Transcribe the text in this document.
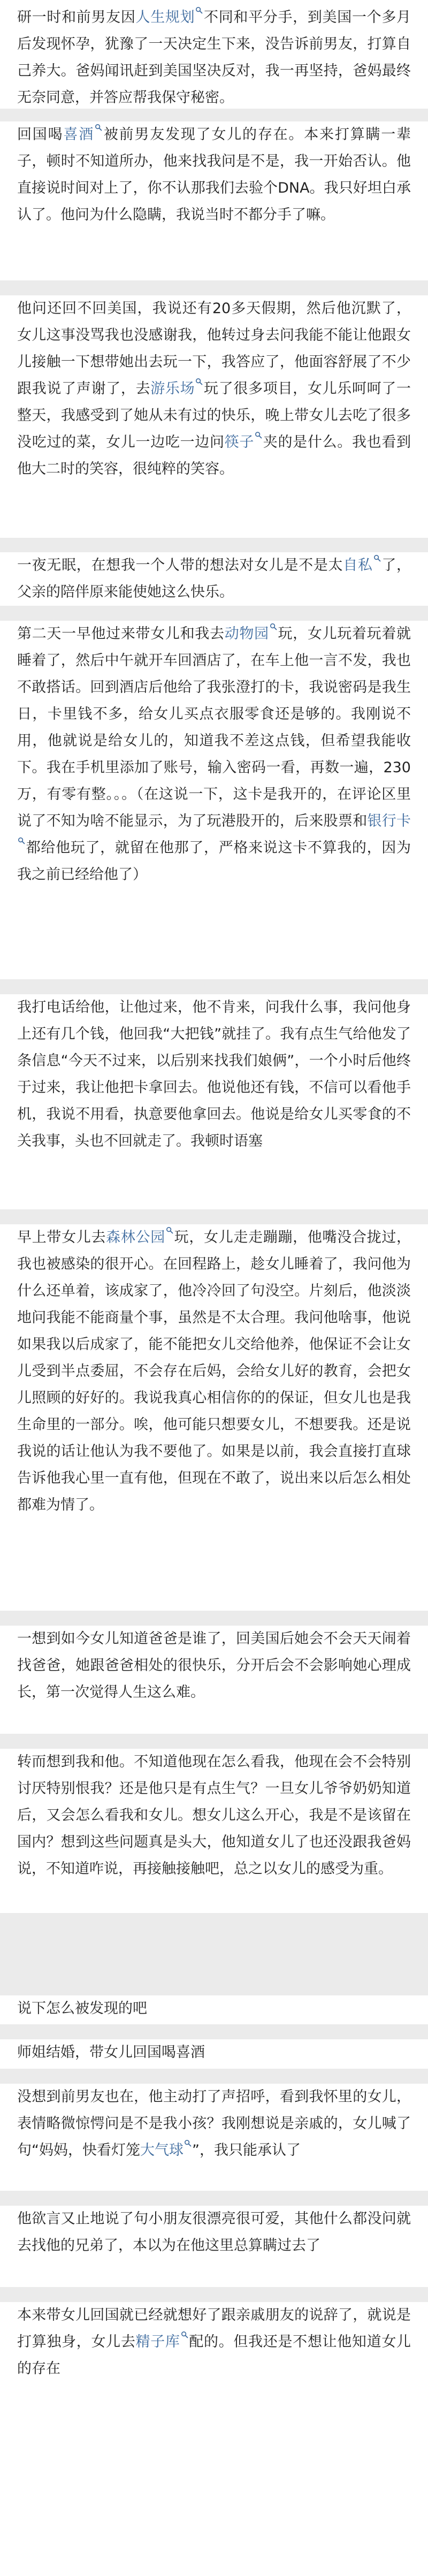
研一时和前男友因人生规划 不同和平分手，到美国一个多月后发现怀孕，犹豫了一天决定生下来，没告诉前男友，打算自己养大。爸妈闻讯赶到美国坚决反对，我一再坚持，爸妈最终无奈同意，并答应帮我保守秘密。

回国喝喜酒 被前男友发现了女儿的存在。本来打算瞒一辈子，顿时不知道所办，他来找我问是不是，我一开始否认。他直接说时间对上了，你不认那我们去验个DNA。我只好坦白承认了。他问为什么隐瞒，我说当时不都分手了嘛。

他问还回不回美国，我说还有20多天假期，然后他沉默了，女儿这事没骂我也没感谢我，他转过身去问我能不能让他跟女儿接触一下想带她出去玩一下，我答应了，他面容舒展了不少跟我说了声谢了，去游乐场 玩了很多项目，女儿乐呵呵了一整天，我感受到了她从未有过的快乐，晚上带女儿去吃了很多没吃过的菜，女儿一边吃一边问筷子 夹的是什么。我也看到他大二时的笑容，很纯粹的笑容。

一夜无眠，在想我一个人带的想法对女儿是不是太自私 了，父亲的陪伴原来能使她这么快乐。

第二天一早他过来带女儿和我去动物园 玩，女儿玩着玩着就睡着了，然后中午就开车回酒店了，在车上他一言不发，我也不敢搭话。回到酒店后他给了我张澄打的卡，我说密码是我生日，卡里钱不多，给女儿买点衣服零食还是够的。我刚说不用，他就说是给女儿的，知道我不差这点钱，但希望我能收下。我在手机里添加了账号，输入密码一看，再数一遍，230万，有零有整。。。（在这说一下，这卡是我开的，在评论区里说了不知为啥不能显示，为了玩港股开的，后来股票和银行卡都给他玩了，就留在他那了，严格来说这卡不算我的，因为我之前已经给他了）

我打电话给他，让他过来，他不肯来，问我什么事，我问他身上还有几个钱，他回我“大把钱”就挂了。我有点生气给他发了条信息“今天不过来，以后别来找我们娘俩”，一个小时后他终于过来，我让他把卡拿回去。他说他还有钱，不信可以看他手机，我说不用看，执意要他拿回去。他说是给女儿买零食的不关我事，头也不回就走了。我顿时语塞

早上带女儿去森林公园 玩，女儿走走蹦蹦，他嘴没合拢过，我也被感染的很开心。在回程路上，趁女儿睡着了，我问他为什么还单着，该成家了，他冷冷回了句没空。片刻后，他淡淡地问我能不能商量个事，虽然是不太合理。我问他啥事，他说如果我以后成家了，能不能把女儿交给他养，他保证不会让女儿受到半点委屈，不会存在后妈，会给女儿好的教育，会把女儿照顾的好好的。我说我真心相信你的的保证，但女儿也是我生命里的一部分。唉，他可能只想要女儿，不想要我。还是说我说的话让他认为我不要他了。如果是以前，我会直接打直球告诉他我心里一直有他，但现在不敢了，说出来以后怎么相处都难为情了。

一想到如今女儿知道爸爸是谁了，回美国后她会不会天天闹着找爸爸，她跟爸爸相处的很快乐，分开后会不会影响她心理成长，第一次觉得人生这么难。

转而想到我和他。不知道他现在怎么看我，他现在会不会特别讨厌特别恨我？还是他只是有点生气？一旦女儿爷爷奶奶知道后，又会怎么看我和女儿。想女儿这么开心，我是不是该留在国内？想到这些问题真是头大，他知道女儿了也还没跟我爸妈说，不知道咋说，再接触接触吧，总之以女儿的感受为重。

说下怎么被发现的吧

师姐结婚，带女儿回国喝喜酒

没想到前男友也在，他主动打了声招呼，看到我怀里的女儿，表情略微惊愕问是不是我小孩？我刚想说是亲戚的，女儿喊了句“妈妈，快看灯笼大气球 ”，我只能承认了

他欲言又止地说了句小朋友很漂亮很可爱，其他什么都没问就去找他的兄弟了，本以为在他这里总算瞒过去了

本来带女儿回国就已经就想好了跟亲戚朋友的说辞了，就说是打算独身，女儿去精子库 配的。但我还是不想让他知道女儿的存在
